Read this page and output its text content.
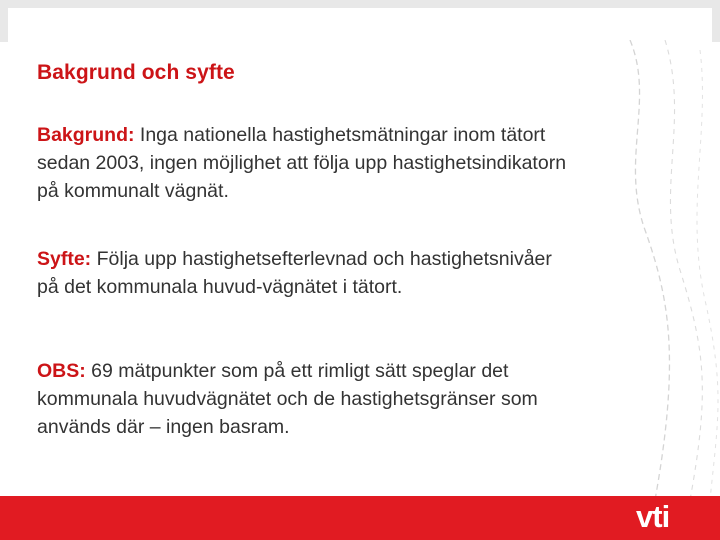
Bakgrund och syfte

Bakgrund: Inga nationella hastighetsmätningar inom tätort sedan 2003, ingen möjlighet att följa upp hastighetsindikatorn på kommunalt vägnät.

Syfte: Följa upp hastighetsefterlevnad och hastighetsnivåer på det kommunala huvud-vägnätet i tätort.

OBS: 69 mätpunkter som på ett rimligt sätt speglar det kommunala huvudvägnätet och de hastighetsgränser som används där – ingen basram.

vti
